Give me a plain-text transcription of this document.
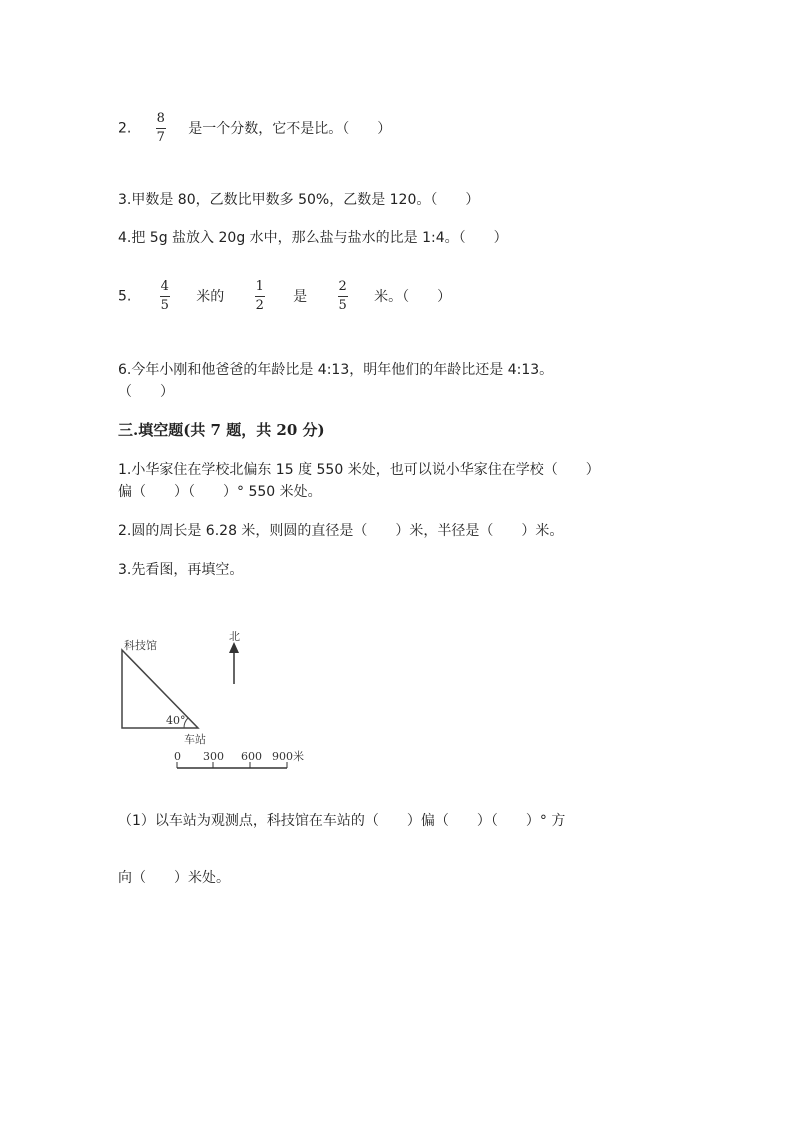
2. $\frac{8}{7}$ 是一个分数，它不是比。（　　）
3.甲数是 80，乙数比甲数多 50%，乙数是 120。（　　）
4.把 5g 盐放入 20g 水中，那么盐与盐水的比是 1:4。（　　）
5. $\frac{4}{5}$ 米的 $\frac{1}{2}$ 是 $\frac{2}{5}$ 米。（　　）
6.今年小刚和他爸爸的年龄比是 4:13，明年他们的年龄比还是 4:13。
（　　）
三.填空题(共 7 题，共 20 分)
1.小华家住在学校北偏东 15 度 550 米处，也可以说小华家住在学校（　　）
偏（　　）（　　）° 550 米处。
2.圆的周长是 6.28 米，则圆的直径是（　　）米，半径是（　　）米。
3.先看图，再填空。
北
科技馆
40°
车站
0 300 600 900米
（1）以车站为观测点，科技馆在车站的（　　）偏（　　）（　　）° 方
向（　　）米处。
